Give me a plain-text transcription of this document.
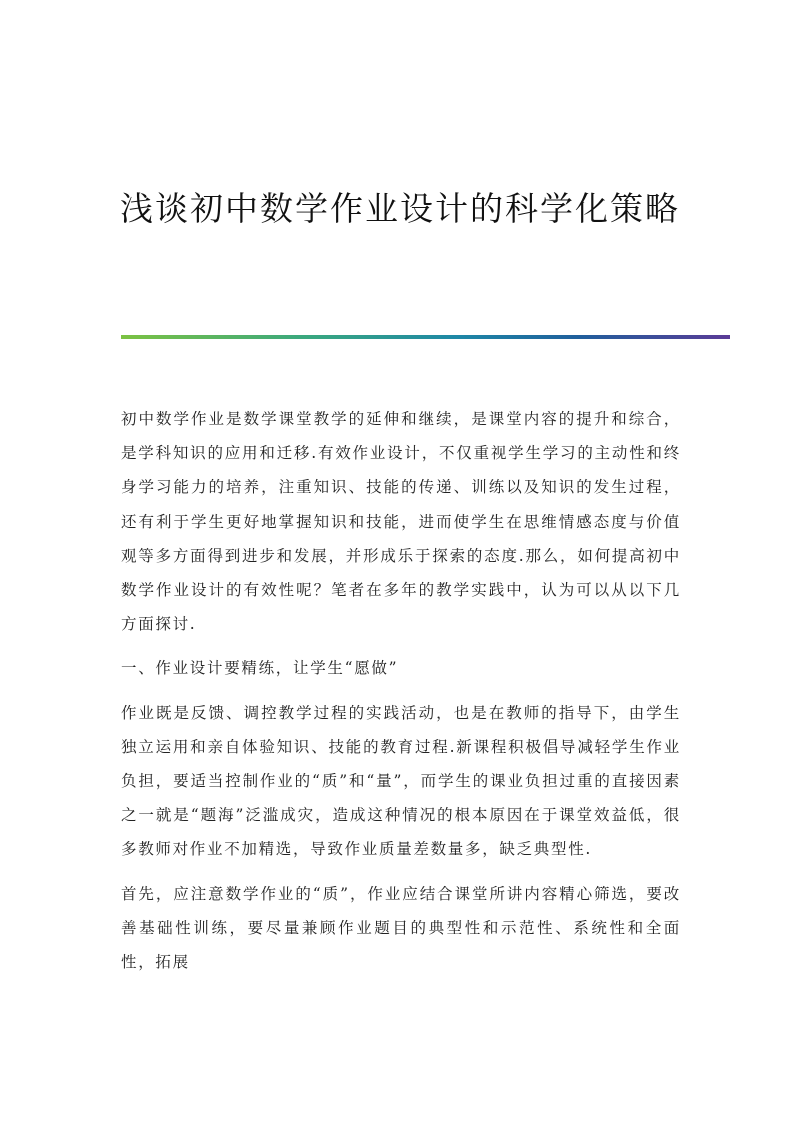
浅谈初中数学作业设计的科学化策略

初中数学作业是数学课堂教学的延伸和继续，是课堂内容的提升和综合，是学科知识的应用和迁移.有效作业设计，不仅重视学生学习的主动性和终身学习能力的培养，注重知识、技能的传递、训练以及知识的发生过程，还有利于学生更好地掌握知识和技能，进而使学生在思维情感态度与价值观等多方面得到进步和发展，并形成乐于探索的态度.那么，如何提高初中数学作业设计的有效性呢？笔者在多年的教学实践中，认为可以从以下几方面探讨.

一、作业设计要精练，让学生“愿做”

作业既是反馈、调控教学过程的实践活动，也是在教师的指导下，由学生独立运用和亲自体验知识、技能的教育过程.新课程积极倡导减轻学生作业负担，要适当控制作业的“质”和“量”，而学生的课业负担过重的直接因素之一就是“题海”泛滥成灾，造成这种情况的根本原因在于课堂效益低，很多教师对作业不加精选，导致作业质量差数量多，缺乏典型性.

首先，应注意数学作业的“质”，作业应结合课堂所讲内容精心筛选，要改善基础性训练，要尽量兼顾作业题目的典型性和示范性、系统性和全面性，拓展
